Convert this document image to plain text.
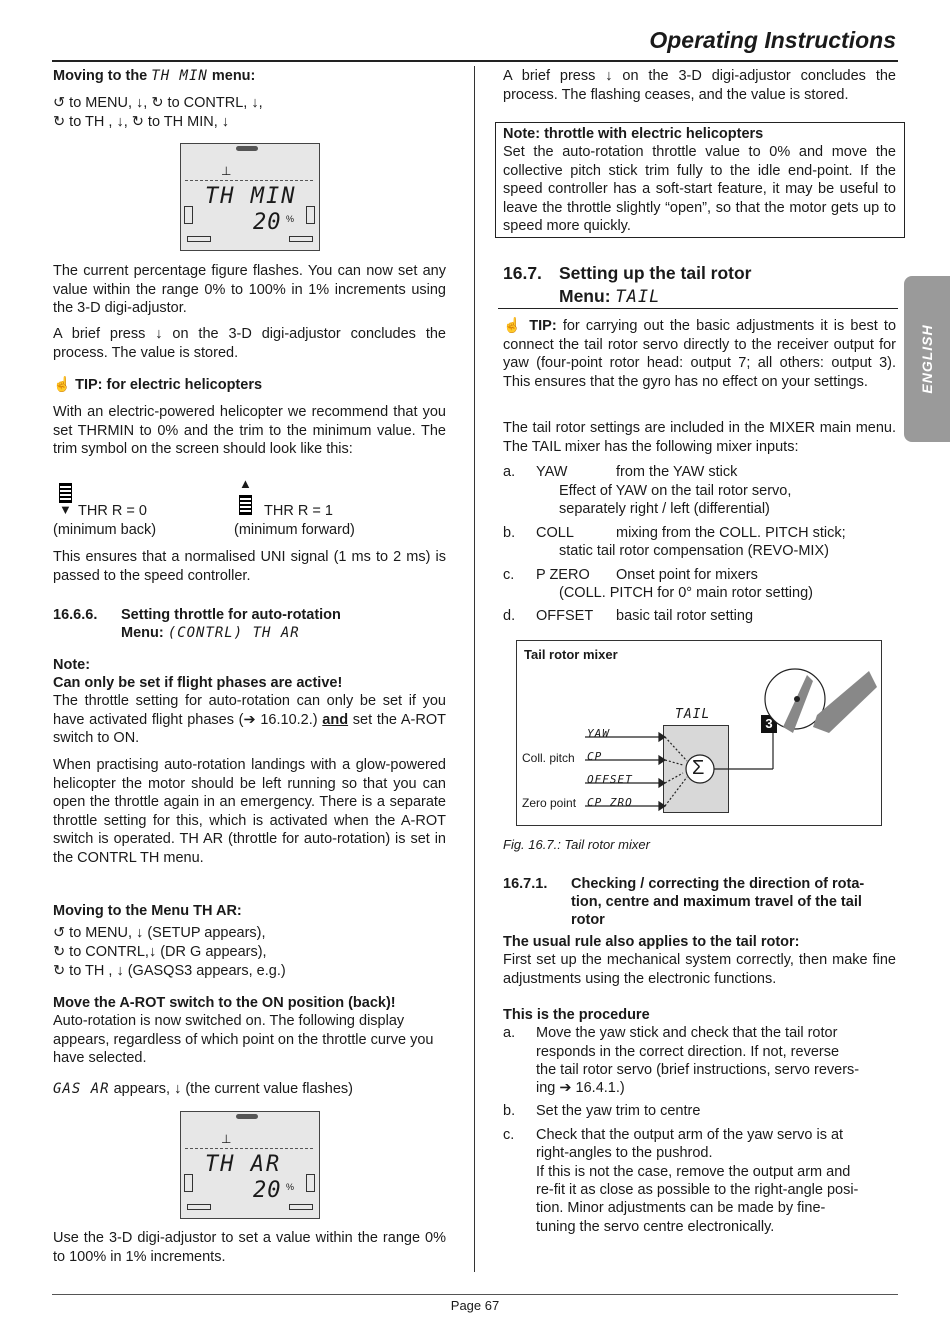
Operating Instructions
ENGLISH
Moving to the TH MIN menu:
↺ to MENU, ↓, ↻ to CONTRL, ↓,
↻ to TH , ↓, ↻ to TH MIN, ↓
⊥
TH MIN
20 %
The current percentage figure flashes. You can now set any value within the range 0% to 100% in 1% increments using the 3-D digi-adjustor.
A brief press ↓ on the 3-D digi-adjustor concludes the process. The value is stored.
☝ TIP: for electric helicopters
With an electric-powered helicopter we recommend that you set THRMIN to 0% and the trim to the minimum value. The trim symbol on the screen should look like this:
▼ THR R = 0
(minimum back)
▲
THR R = 1
(minimum forward)
This ensures that a normalised UNI signal (1 ms to 2 ms) is passed to the speed controller.
16.6.6. Setting throttle for auto-rotation
Menu: (CONTRL) TH AR
Note:
Can only be set if flight phases are active!
The throttle setting for auto-rotation can only be set if you have activated flight phases (➔ 16.10.2.) and set the A-ROT switch to ON.
When practising auto-rotation landings with a glow-powered helicopter the motor should be left running so that you can open the throttle again in an emergency. There is a separate throttle setting for this, which is activated when the A-ROT switch is operated. TH AR (throttle for auto-rotation) is set in the CONTRL TH menu.
Moving to the Menu TH AR:
↺ to MENU, ↓ (SETUP appears),
↻ to CONTRL,↓ (DR G appears),
↻ to TH , ↓ (GASQS3 appears, e.g.)
Move the A-ROT switch to the ON position (back)!
Auto-rotation is now switched on. The following display appears, regardless of which point on the throttle curve you have selected.
GAS AR appears, ↓ (the current value flashes)
⊥
TH AR
20 %
Use the 3-D digi-adjustor to set a value within the range 0% to 100% in 1% increments.
A brief press ↓ on the 3-D digi-adjustor concludes the process. The flashing ceases, and the value is stored.
Note: throttle with electric helicopters
Set the auto-rotation throttle value to 0% and move the collective pitch stick trim fully to the idle end-point. If the speed controller has a soft-start feature, it may be useful to leave the throttle slightly “open”, so that the motor gets up to speed more quickly.
16.7. Setting up the tail rotor
Menu: TAIL
☝ TIP: for carrying out the basic adjustments it is best to connect the tail rotor servo directly to the receiver output for yaw (four-point rotor head: output 7; all others: output 3). This ensures that the gyro has no effect on your settings.
The tail rotor settings are included in the MIXER main menu. The TAIL mixer has the following mixer inputs:
a. YAW	from the YAW stick
Effect of YAW on the tail rotor servo,
separately right / left (differential)
b. COLL	mixing from the COLL. PITCH stick;
static tail rotor compensation (REVO-MIX)
c. P ZERO Onset point for mixers
(COLL. PITCH for 0° main rotor setting)
d. OFFSET basic tail rotor setting
Tail rotor mixer
TAIL
YAW
Coll. pitch CP
OFFSET
Zero point CP ZRO
Σ
3
Fig. 16.7.: Tail rotor mixer
16.7.1. Checking / correcting the direction of rota-
tion, centre and maximum travel of the tail
rotor
The usual rule also applies to the tail rotor:
First set up the mechanical system correctly, then make fine adjustments using the electronic functions.
This is the procedure
a. Move the yaw stick and check that the tail rotor
responds in the correct direction. If not, reverse
the tail rotor servo (brief instructions, servo revers-
ing ➔ 16.4.1.)
b. Set the yaw trim to centre
c. Check that the output arm of the yaw servo is at
right-angles to the pushrod.
If this is not the case, remove the output arm and
re-fit it as close as possible to the right-angle posi-
tion. Minor adjustments can be made by fine-
tuning the servo centre electronically.
Page 67
